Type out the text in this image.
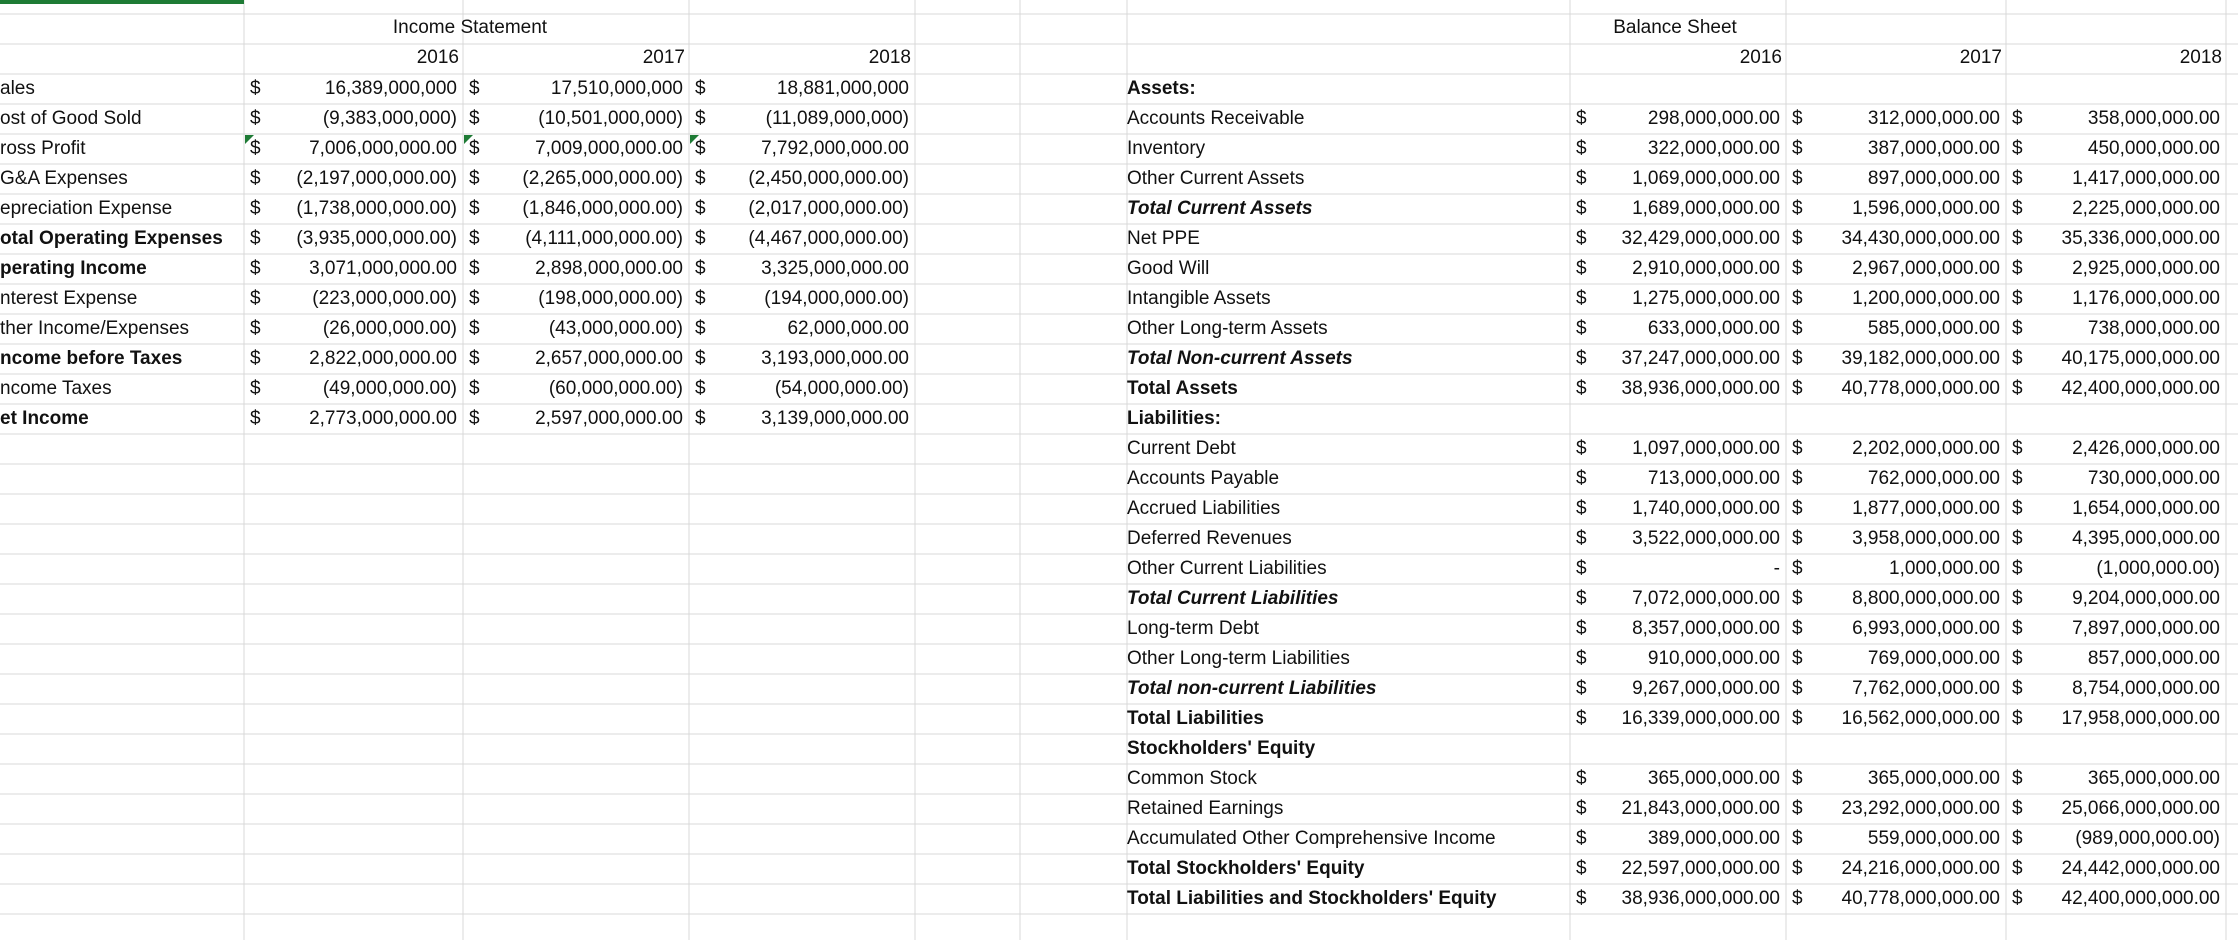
Income Statement
2016	2017	2018
ales	$	16,389,000,000 $	17,510,000,000 $	18,881,000,000
ost of Good Sold	$	(9,383,000,000) $	(10,501,000,000) $	(11,089,000,000)
ross Profit	$	7,006,000,000.00 $	7,009,000,000.00 $	7,792,000,000.00
G&A Expenses	$ (2,197,000,000.00) $ (2,265,000,000.00) $ (2,450,000,000.00)
epreciation Expense	$ (1,738,000,000.00) $ (1,846,000,000.00) $ (2,017,000,000.00)
otal Operating Expenses	$ (3,935,000,000.00) $ (4,111,000,000.00) $ (4,467,000,000.00)
perating Income	$	3,071,000,000.00 $	2,898,000,000.00 $	3,325,000,000.00
nterest Expense	$	(223,000,000.00) $	(198,000,000.00) $	(194,000,000.00)
ther Income/Expenses	$	(26,000,000.00) $	(43,000,000.00) $	62,000,000.00
ncome before Taxes	$	2,822,000,000.00 $	2,657,000,000.00 $	3,193,000,000.00
ncome Taxes	$	(49,000,000.00) $	(60,000,000.00) $	(54,000,000.00)
et Income	$	2,773,000,000.00 $	2,597,000,000.00 $	3,139,000,000.00
Balance Sheet
2016	2017	2018
Assets:
Accounts Receivable	$	298,000,000.00 $	312,000,000.00 $	358,000,000.00
Inventory	$	322,000,000.00 $	387,000,000.00 $	450,000,000.00
Other Current Assets	$ 1,069,000,000.00 $	897,000,000.00 $	1,417,000,000.00
Total Current Assets	$ 1,689,000,000.00 $	1,596,000,000.00 $	2,225,000,000.00
Net PPE	$ 32,429,000,000.00 $ 34,430,000,000.00 $ 35,336,000,000.00
Good Will	$ 2,910,000,000.00 $	2,967,000,000.00 $	2,925,000,000.00
Intangible Assets	$ 1,275,000,000.00 $	1,200,000,000.00 $	1,176,000,000.00
Other Long-term Assets	$	633,000,000.00 $	585,000,000.00 $	738,000,000.00
Total Non-current Assets	$ 37,247,000,000.00 $ 39,182,000,000.00 $ 40,175,000,000.00
Total Assets	$ 38,936,000,000.00 $ 40,778,000,000.00 $ 42,400,000,000.00
Liabilities:
Current Debt	$ 1,097,000,000.00 $	2,202,000,000.00 $	2,426,000,000.00
Accounts Payable	$	713,000,000.00 $	762,000,000.00 $	730,000,000.00
Accrued Liabilities	$ 1,740,000,000.00 $	1,877,000,000.00 $	1,654,000,000.00
Deferred Revenues	$ 3,522,000,000.00 $	3,958,000,000.00 $	4,395,000,000.00
Other Current Liabilities	$	- $	1,000,000.00 $	(1,000,000.00)
Total Current Liabilities	$ 7,072,000,000.00 $	8,800,000,000.00 $	9,204,000,000.00
Long-term Debt	$ 8,357,000,000.00 $	6,993,000,000.00 $	7,897,000,000.00
Other Long-term Liabilities	$	910,000,000.00 $	769,000,000.00 $	857,000,000.00
Total non-current Liabilities	$ 9,267,000,000.00 $	7,762,000,000.00 $	8,754,000,000.00
Total Liabilities	$ 16,339,000,000.00 $ 16,562,000,000.00 $ 17,958,000,000.00
Stockholders' Equity
Common Stock	$	365,000,000.00 $	365,000,000.00 $	365,000,000.00
Retained Earnings	$ 21,843,000,000.00 $ 23,292,000,000.00 $ 25,066,000,000.00
Accumulated Other Comprehensive Income	$	389,000,000.00 $	559,000,000.00 $	(989,000,000.00)
Total Stockholders' Equity	$ 22,597,000,000.00 $ 24,216,000,000.00 $ 24,442,000,000.00
Total Liabilities and Stockholders' Equity	$ 38,936,000,000.00 $ 40,778,000,000.00 $ 42,400,000,000.00
